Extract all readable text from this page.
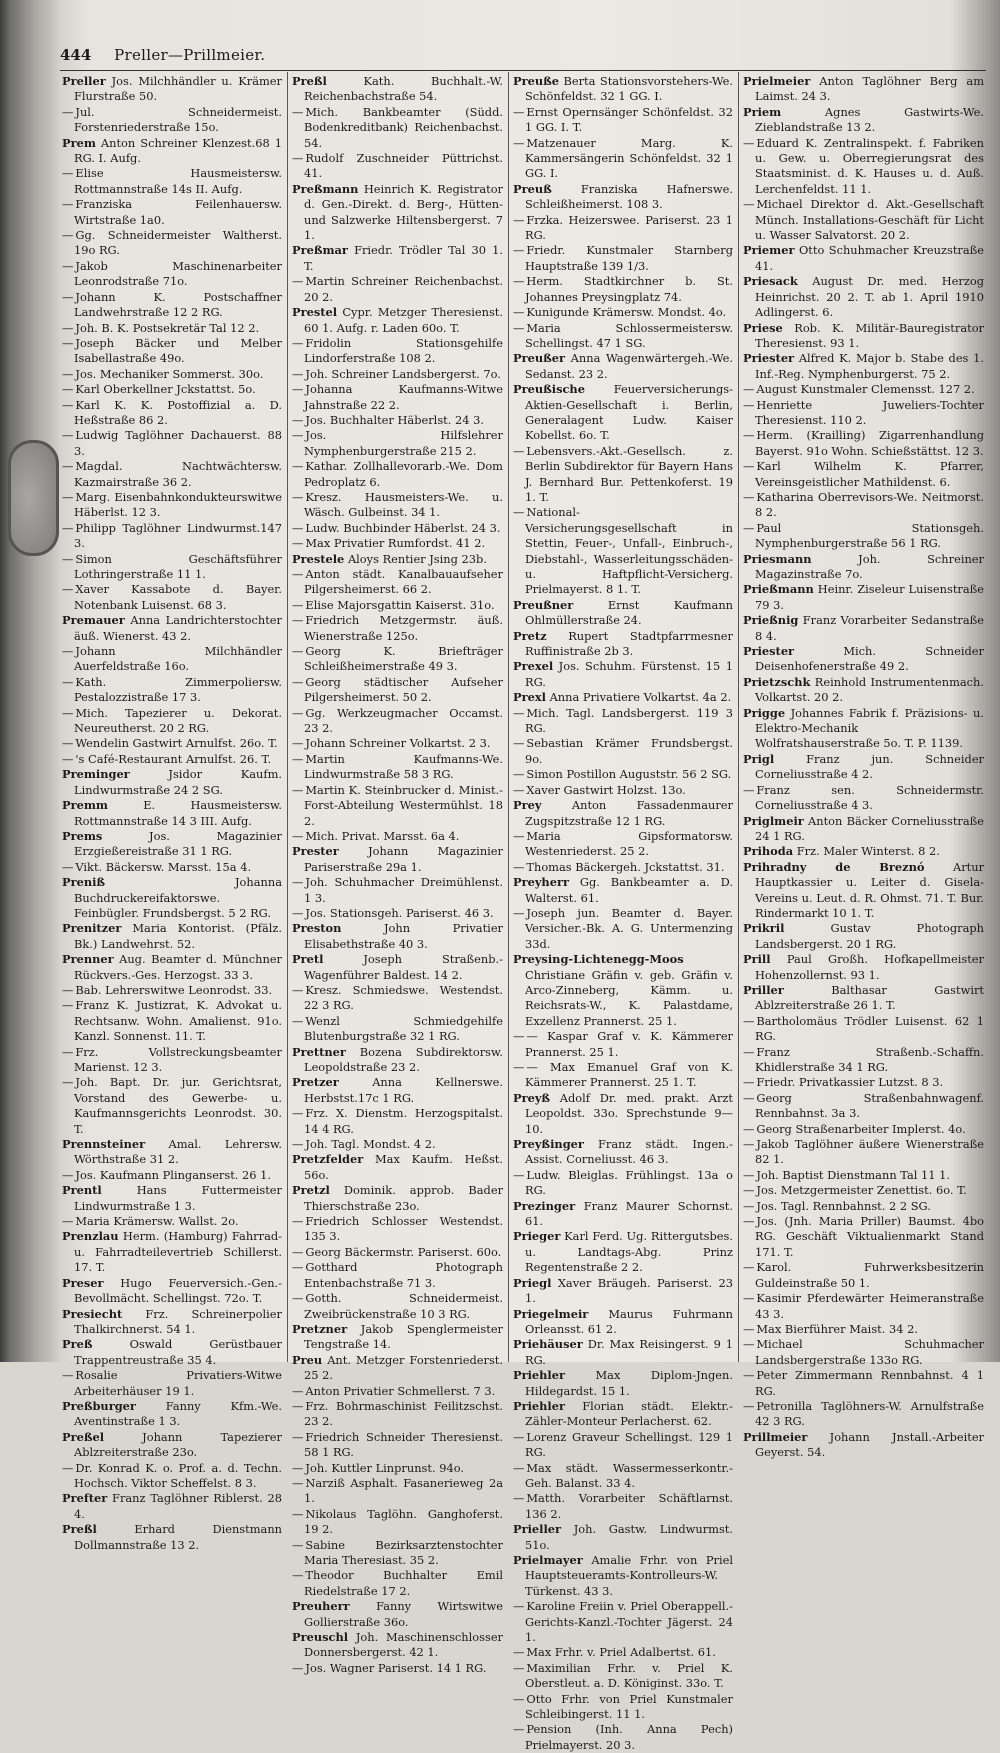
444 Preller—Prillmeier.

Preller Jos. Milchhändler u. Krämer Flurstraße 50.

— Jul. Schneidermeist. Forstenriederstraße 15o.

Prem Anton Schreiner Klenzest.68 1 RG. I. Aufg.

— Elise Hausmeistersw. Rottmannstraße 14s II. Aufg.

— Franziska Feilenhauersw. Wirtstraße 1a0.

— Gg. Schneidermeister Waltherst. 19o RG.

— Jakob Maschinenarbeiter Leonrodstraße 71o.

— Johann K. Postschaffner Landwehrstraße 12 2 RG.

— Joh. B. K. Postsekretär Tal 12 2.

— Joseph Bäcker und Melber Isabellastraße 49o.

— Jos. Mechaniker Sommerst. 30o.

— Karl Oberkellner Jckstattst. 5o.

— Karl K. K. Postoffizial a. D. Heßstraße 86 2.

— Ludwig Taglöhner Dachauerst. 88 3.

— Magdal. Nachtwächtersw. Kazmairstraße 36 2.

— Marg. Eisenbahnkondukteurswitwe Häberlst. 12 3.

— Philipp Taglöhner Lindwurmst.147 3.

— Simon Geschäftsführer Lothringerstraße 11 1.

— Xaver Kassabote d. Bayer. Notenbank Luisenst. 68 3.

Premauer Anna Landrichterstochter äuß. Wienerst. 43 2.

— Johann Milchhändler Auerfeldstraße 16o.

— Kath. Zimmerpoliersw. Pestalozzistraße 17 3.

— Mich. Tapezierer u. Dekorat. Neureutherst. 20 2 RG.

— Wendelin Gastwirt Arnulfst. 26o. T.

— 's Café-Restaurant Arnulfst. 26. T.

Preminger	Jsidor Kaufm. Lindwurmstraße 24 2 SG.

Premm	E. Hausmeistersw. Rottmannstraße 14 3 III. Aufg.

Prems	Jos. Magazinier Erzgießereistraße 31 1 RG.

— Vikt. Bäckersw. Marsst. 15a 4.

Preniß	Johanna Buchdruckereifaktorswe. Feinbügler. Frundsbergst. 5 2 RG.

Prenitzer Maria Kontorist. (Pfälz. Bk.) Landwehrst. 52.

Prenner Aug. Beamter d. Münchner Rückvers.-Ges. Herzogst. 33 3.

— Bab. Lehrerswitwe Leonrodst. 33.

— Franz K. Justizrat, K. Advokat u. Rechtsanw. Wohn. Amalienst. 91o. Kanzl. Sonnenst. 11. T.

— Frz. Vollstreckungsbeamter Marienst. 12 3.

— Joh. Bapt. Dr. jur. Gerichtsrat, Vorstand des Gewerbe- u. Kaufmannsgerichts Leonrodst. 30. T.

Prennsteiner Amal. Lehrersw. Wörthstraße 31 2.

— Jos. Kaufmann Plinganserst. 26 1.

Prentl	Hans Futtermeister Lindwurmstraße 1 3.

— Maria Krämersw. Wallst. 2o.

Prenzlau Herm. (Hamburg) Fahrrad- u. Fahrradteilevertrieb Schillerst. 17. T.

Preser Hugo Feuerversich.-Gen.-Bevollmächt. Schellingst. 72o. T.

Presiecht Frz. Schreinerpolier Thalkirchnerst. 54 1.

Preß	Oswald Gerüstbauer Trappentreustraße 35 4.

— Rosalie Privatiers-Witwe Arbeiterhäuser 19 1.

Preßburger	Fanny Kfm.-We. Aventinstraße 1 3.

Preßel	Johann Tapezierer Ablzreiterstraße 23o.

— Dr. Konrad K. o. Prof. a. d. Techn. Hochsch. Viktor Scheffelst. 8 3.

Prefter Franz Taglöhner Riblerst. 28 4.

Preßl	Erhard Dienstmann Dollmannstraße 13 2.

Preßl	Kath. Buchhalt.-W. Reichenbachstraße 54.

— Mich. Bankbeamter (Südd. Bodenkreditbank) Reichenbachst. 54.

— Rudolf Zuschneider Püttrichst. 41.

Preßmann Heinrich K. Registrator d. Gen.-Direkt. d. Berg-, Hütten- und Salzwerke Hiltensbergerst. 7 1.

Preßmar Friedr. Trödler Tal 30 1. T.

— Martin Schreiner Reichenbachst. 20 2.

Prestel Cypr. Metzger Theresienst. 60 1. Aufg. r. Laden 60o. T.

— Fridolin Stationsgehilfe Lindorferstraße 108 2.

— Joh. Schreiner Landsbergerst. 7o.

— Johanna Kaufmanns-Witwe Jahnstraße 22 2.

— Jos. Buchhalter Häberlst. 24 3.

— Jos. Hilfslehrer Nymphenburgerstraße 215 2.

— Kathar. Zollhallevorarb.-We. Dom Pedroplatz 6.

— Kresz. Hausmeisters-We. u. Wäsch. Gulbeinst. 34 1.

— Ludw. Buchbinder Häberlst. 24 3.

— Max Privatier Rumfordst. 41 2.

Prestele Aloys Rentier Jsing 23b.

— Anton städt. Kanalbauaufseher Pilgersheimerst. 66 2.

— Elise Majorsgattin Kaiserst. 31o.

— Friedrich Metzgermstr. äuß. Wienerstraße 125o.

— Georg K. Briefträger Schleißheimerstraße 49 3.

— Georg städtischer Aufseher Pilgersheimerst. 50 2.

— Gg. Werkzeugmacher Occamst. 23 2.

— Johann Schreiner Volkartst. 2 3.

— Martin Kaufmanns-We. Lindwurmstraße 58 3 RG.

— Martin K. Steinbrucker d. Minist.-Forst-Abteilung Westermühlst. 18 2.

— Mich. Privat. Marsst. 6a 4.

Prester	Johann Magazinier Pariserstraße 29a 1.

— Joh. Schuhmacher Dreimühlenst. 1 3.

— Jos. Stationsgeh. Pariserst. 46 3.

Preston	John Privatier Elisabethstraße 40 3.

Pretl	Joseph Straßenb.-Wagenführer Baldest. 14 2.

— Kresz. Schmiedswe. Westendst. 22 3 RG.

— Wenzl Schmiedgehilfe Blutenburgstraße 32 1 RG.

Prettner Bozena Subdirektorsw. Leopoldstraße 23 2.

Pretzer	Anna Kellnerswe. Herbstst.17c 1 RG.

— Frz. X. Dienstm. Herzogspitalst. 14 4 RG.

— Joh. Tagl. Mondst. 4 2.

Pretzfelder Max Kaufm. Heßst. 56o.

Pretzl Dominik. approb. Bader Thierschstraße 23o.

— Friedrich Schlosser Westendst. 135 3.

— Georg Bäckermstr. Pariserst. 60o.

— Gotthard Photograph Entenbachstraße 71 3.

— Gotth. Schneidermeist. Zweibrückenstraße 10 3 RG.

Pretzner Jakob Spenglermeister Tengstraße 14.

Preu Ant. Metzger Forstenriederst. 25 2.

— Anton Privatier Schmellerst. 7 3.

— Frz. Bohrmaschinist Feilitzschst. 23 2.

— Friedrich Schneider Theresienst. 58 1 RG.

— Joh. Kuttler Linprunst. 94o.

— Narziß Asphalt. Fasanerieweg 2a 1.

— Nikolaus Taglöhn. Ganghoferst. 19 2.

— Sabine Bezirksarztenstochter Maria Theresiast. 35 2.

— Theodor Buchhalter Emil Riedelstraße 17 2.

Preuherr Fanny Wirtswitwe Gollierstraße 36o.

Preuschl Joh. Maschinenschlosser Donnersbergerst. 42 1.

— Jos. Wagner Pariserst. 14 1 RG.

Preuße Berta Stationsvorstehers-We. Schönfeldst. 32 1 GG. I.

— Ernst Opernsänger Schönfeldst. 32 1 GG. I. T.

— Matzenauer Marg. K. Kammersängerin Schönfeldst. 32 1 GG. I.

Preuß	Franziska Hafnerswe. Schleißheimerst. 108 3.

— Frzka. Heizersweе. Pariserst. 23 1 RG.

— Friedr. Kunstmaler Starnberg Hauptstraße 139 1/3.

— Herm. Stadtkirchner b. St. Johannes Preysingplatz 74.

— Kunigunde Krämersw. Mondst. 4o.

— Maria Schlossermeistersw. Schellingst. 47 1 SG.

Preußer Anna Wagenwärtergeh.-We. Sedanst. 23 2.

Preußische	Feuerversicherungs-Aktien-Gesellschaft i. Berlin, Generalagent Ludw. Kaiser Kobellst. 6o. T.

— Lebensvers.-Akt.-Gesellsch. z. Berlin Subdirektor für Bayern Hans J. Bernhard Bur. Pettenkoferst. 19 1. T.

— National- Versicherungsgesellschaft in Stettin, Feuer-, Unfall-, Einbruch-, Diebstahl-, Wasserleitungsschäden- u. Haftpflicht-Versicherg. Prielmayerst. 8 1. T.

Preußner	Ernst Kaufmann Ohlmüllerstraße 24.

Pretz Rupert Stadtpfarrmesner Ruffinistraße 2b 3.

Prexel Jos. Schuhm. Fürstenst. 15 1 RG.

Prexl Anna Privatiere Volkartst. 4a 2.

— Mich. Tagl. Landsbergerst. 119 3 RG.

— Sebastian Krämer Frundsbergst. 9o.

— Simon Postillon Auguststr. 56 2 SG.

— Xaver Gastwirt Holzst. 13o.

Prey	Anton Fassadenmaurer Zugspitzstraße 12 1 RG.

— Maria Gipsformatorsw. Westenriederst. 25 2.

— Thomas Bäckergeh. Jckstattst. 31.

Preyherr Gg. Bankbeamter a. D. Walterst. 61.

— Joseph jun. Beamter d. Bayer. Versicher.-Bk. A. G. Untermenzing 33d.

Preysing-Lichtenegg-Moos Christiane Gräfin v. geb. Gräfin v. Arco-Zinneberg, Kämm. u. Reichsrats-W., K. Palastdame, Exzellenz Prannerst. 25 1.

— — Kaspar Graf v. K. Kämmerer Prannerst. 25 1.

— — Max Emanuel Graf von K. Kämmerer Prannerst. 25 1. T.

Preyß Adolf Dr. med. prakt. Arzt Leopoldst. 33o. Sprechstunde 9—10.

Preyßinger Franz städt. Ingen.-Assist. Corneliusst. 46 3.

— Ludw. Bleiglas. Frühlingst. 13a o RG.

Prezinger Franz Maurer Schornst. 61.

Prieger Karl Ferd. Ug. Rittergutsbes. u. Landtags-Abg. Prinz Regentenstraße 2 2.

Priegl Xaver Bräugeh. Pariserst. 23 1.

Priegelmeir Maurus Fuhrmann Orleansst. 61 2.

Priehäuser Dr. Max Reisingerst. 9 1 RG.

Priehler	Max Diplom-Jngen. Hildegardst. 15 1.

Priehler Florian städt. Elektr.-Zähler-Monteur Perlacherst. 62.

— Lorenz Graveur Schellingst. 129 1 RG.

— Max städt. Wassermesserkontr.-Geh. Balanst. 33 4.

— Matth. Vorarbeiter Schäftlarnst. 136 2.

Prieller Joh. Gastw. Lindwurmst. 51o.

Prielmayer Amalie Frhr. von Priel Hauptsteueramts-Kontrolleurs-W. Türkenst. 43 3.

— Karoline Freiin v. Priel Oberappell.-Gerichts-Kanzl.-Tochter Jägerst. 24 1.

— Max Frhr. v. Priel Adalbertst. 61.

— Maximilian Frhr. v. Priel K. Oberstleut. a. D. Königinst. 33o. T.

— Otto Frhr. von Priel Kunstmaler Schleibingerst. 11 1.

— Pension (Inh. Anna Pech) Prielmayerst. 20 3.

Prielmeier Anton Taglöhner Berg am Laimst. 24 3.

Priem	Agnes Gastwirts-We. Zieblandstraße 13 2.

— Eduard K. Zentralinspekt. f. Fabriken u. Gew. u. Oberregierungsrat des Staatsminist. d. K. Hauses u. d. Auß. Lerchenfeldst. 11 1.

— Michael Direktor d. Akt.-Gesellschaft Münch. Installations-Geschäft für Licht u. Wasser Salvatorst. 20 2.

Priemer Otto Schuhmacher Kreuzstraße 41.

Priesack August Dr. med. Herzog Heinrichst. 20 2. T. ab 1. April 1910 Adlingerst. 6.

Priese Rob. K. Militär-Bauregistrator Theresienst. 93 1.

Priester Alfred K. Major b. Stabe des 1. Inf.-Reg. Nymphenburgerst. 75 2.

— August Kunstmaler Clemensst. 127 2.

— Henriette Juweliers-Tochter Theresienst. 110 2.

— Herm. (Krailling) Zigarrenhandlung Bayerst. 91o Wohn. Schießstättst. 12 3.

— Karl Wilhelm K. Pfarrer, Vereinsgeistlicher Mathildenst. 6.

— Katharina Oberrevisors-We. Neitmorst. 8 2.

— Paul Stationsgeh. Nymphenburgerstraße 56 1 RG.

Priesmann	Joh. Schreiner Magazinstraße 7o.

Prießmann Heinr. Ziseleur Luisenstraße 79 3.

Prießnig Franz Vorarbeiter Sedanstraße 8 4.

Priester	Mich. Schneider Deisenhofenerstraße 49 2.

Prietzschk Reinhold Instrumentenmach. Volkartst. 20 2.

Prigge Johannes Fabrik f. Präzisions- u. Elektro-Mechanik Wolfratshauserstraße 5o. T. P. 1139.

Prigl	Franz jun. Schneider Corneliusstraße 4 2.

— Franz sen. Schneidermstr. Corneliusstraße 4 3.

Priglmeir Anton Bäcker Corneliusstraße 24 1 RG.

Prihoda Frz. Maler Winterst. 8 2.

Prihradny de Breznó Artur Hauptkassier u. Leiter d. Gisela-Vereins u. Leut. d. R. Ohmst. 71. T. Bur. Rindermarkt 10 1. T.

Prikril	Gustav Photograph Landsbergerst. 20 1 RG.

Prill Paul Großh. Hofkapellmeister Hohenzollernst. 93 1.

Priller	Balthasar Gastwirt Ablzreiterstraße 26 1. T.

— Bartholomäus Trödler Luisenst. 62 1 RG.

— Franz Straßenb.-Schaffn. Khidlerstraße 34 1 RG.

— Friedr. Privatkassier Lutzst. 8 3.

— Georg Straßenbahnwagenf. Rennbahnst. 3a 3.

— Georg Straßenarbeiter Implerst. 4o.

— Jakob Taglöhner äußere Wienerstraße 82 1.

— Joh. Baptist Dienstmann Tal 11 1.

— Jos. Metzgermeister Zenettist. 6o. T.

— Jos. Tagl. Rennbahnst. 2 2 SG.

— Jos. (Jnh. Maria Priller) Baumst. 4bo RG. Geschäft Viktualienmarkt Stand 171. T.

— Karol. Fuhrwerksbesitzerin Guldeinstraße 50 1.

— Kasimir Pferdewärter Heimeranstraße 43 3.

— Max Bierführer Maist. 34 2.

— Michael Schuhmacher Landsbergerstraße 133o RG.

— Peter Zimmermann Rennbahnst. 4 1 RG.

— Petronilla Taglöhners-W. Arnulfstraße 42 3 RG.

Prillmeier Johann Jnstall.-Arbeiter Geyerst. 54.
